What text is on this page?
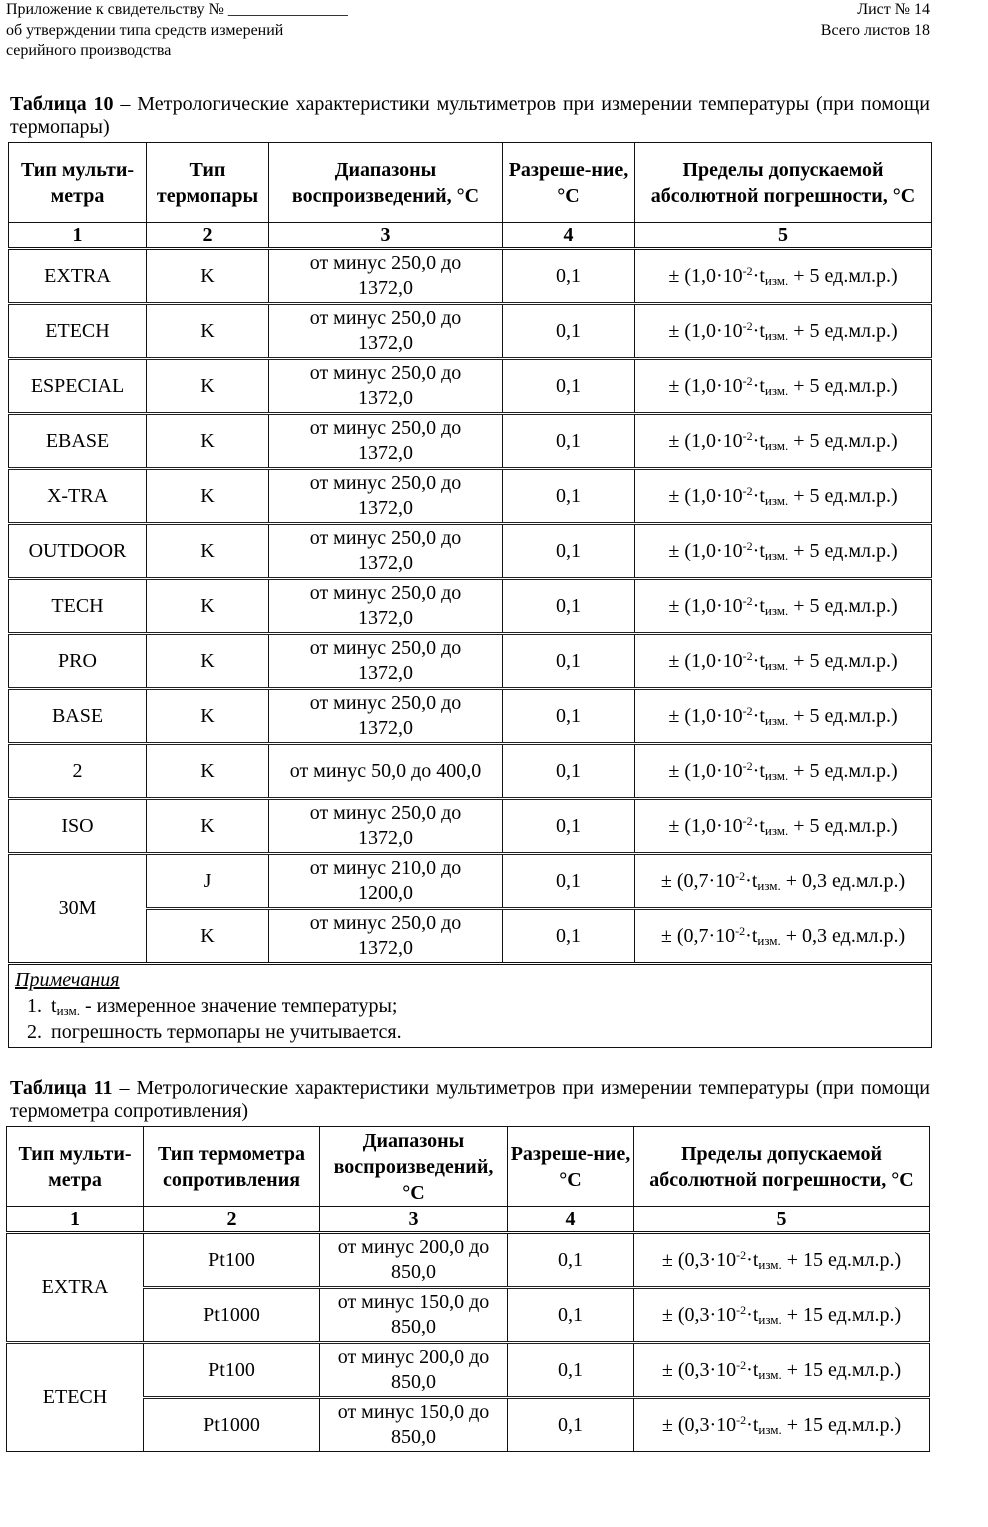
Приложение к свидетельству № _______________
об утверждении типа средств измерений
серийного производства
Лист № 14
Всего листов 18
Таблица 10 – Метрологические характеристики мультиметров при измерении температуры (при помощи термопары)
Тип мульти-метра	Тип термопары	Диапазоны воспроизведений, °С	Разреше-ние, °С	Пределы допускаемой абсолютной погрешности, °С
1	2	3	4	5
EXTRA	K	от минус 250,0 до 1372,0	0,1	± ($1,0\cdot 10^{-2}\cdot t_{изм.} + 5$ ед.мл.р.)
ETECH	K	от минус 250,0 до 1372,0	0,1	± ($1,0\cdot 10^{-2}\cdot t_{изм.} + 5$ ед.мл.р.)
ESPECIAL	K	от минус 250,0 до 1372,0	0,1	± ($1,0\cdot 10^{-2}\cdot t_{изм.} + 5$ ед.мл.р.)
EBASE	K	от минус 250,0 до 1372,0	0,1	± ($1,0\cdot 10^{-2}\cdot t_{изм.} + 5$ ед.мл.р.)
X-TRA	K	от минус 250,0 до 1372,0	0,1	± ($1,0\cdot 10^{-2}\cdot t_{изм.} + 5$ ед.мл.р.)
OUTDOOR	K	от минус 250,0 до 1372,0	0,1	± ($1,0\cdot 10^{-2}\cdot t_{изм.} + 5$ ед.мл.р.)
TECH	K	от минус 250,0 до 1372,0	0,1	± ($1,0\cdot 10^{-2}\cdot t_{изм.} + 5$ ед.мл.р.)
PRO	K	от минус 250,0 до 1372,0	0,1	± ($1,0\cdot 10^{-2}\cdot t_{изм.} + 5$ ед.мл.р.)
BASE	K	от минус 250,0 до 1372,0	0,1	± ($1,0\cdot 10^{-2}\cdot t_{изм.} + 5$ ед.мл.р.)
2	K	от минус 50,0 до 400,0	0,1	± ($1,0\cdot 10^{-2}\cdot t_{изм.} + 5$ ед.мл.р.)
ISO	K	от минус 250,0 до 1372,0	0,1	± ($1,0\cdot 10^{-2}\cdot t_{изм.} + 5$ ед.мл.р.)
30M	J	от минус 210,0 до 1200,0	0,1	± ($0,7\cdot 10^{-2}\cdot t_{изм.} + 0,3$ ед.мл.р.)
	K	от минус 250,0 до 1372,0	0,1	± ($0,7\cdot 10^{-2}\cdot t_{изм.} + 0,3$ ед.мл.р.)

Примечания
1. $t_{изм.}$ - измеренное значение температуры;
2. погрешность термопары не учитывается.
Таблица 11 – Метрологические характеристики мультиметров при измерении температуры (при помощи термометра сопротивления)
Тип мульти-метра	Тип термометра сопротивления	Диапазоны воспроизведений, °С	Разреше-ние, °С	Пределы допускаемой абсолютной погрешности, °С
1	2	3	4	5
EXTRA	Pt100	от минус 200,0 до 850,0	0,1	± ($0,3\cdot 10^{-2}\cdot t_{изм.} + 15$ ед.мл.р.)
	Pt1000	от минус 150,0 до 850,0	0,1	± ($0,3\cdot 10^{-2}\cdot t_{изм.} + 15$ ед.мл.р.)
ETECH	Pt100	от минус 200,0 до 850,0	0,1	± ($0,3\cdot 10^{-2}\cdot t_{изм.} + 15$ ед.мл.р.)
	Pt1000	от минус 150,0 до 850,0	0,1	± ($0,3\cdot 10^{-2}\cdot t_{изм.} + 15$ ед.мл.р.)
